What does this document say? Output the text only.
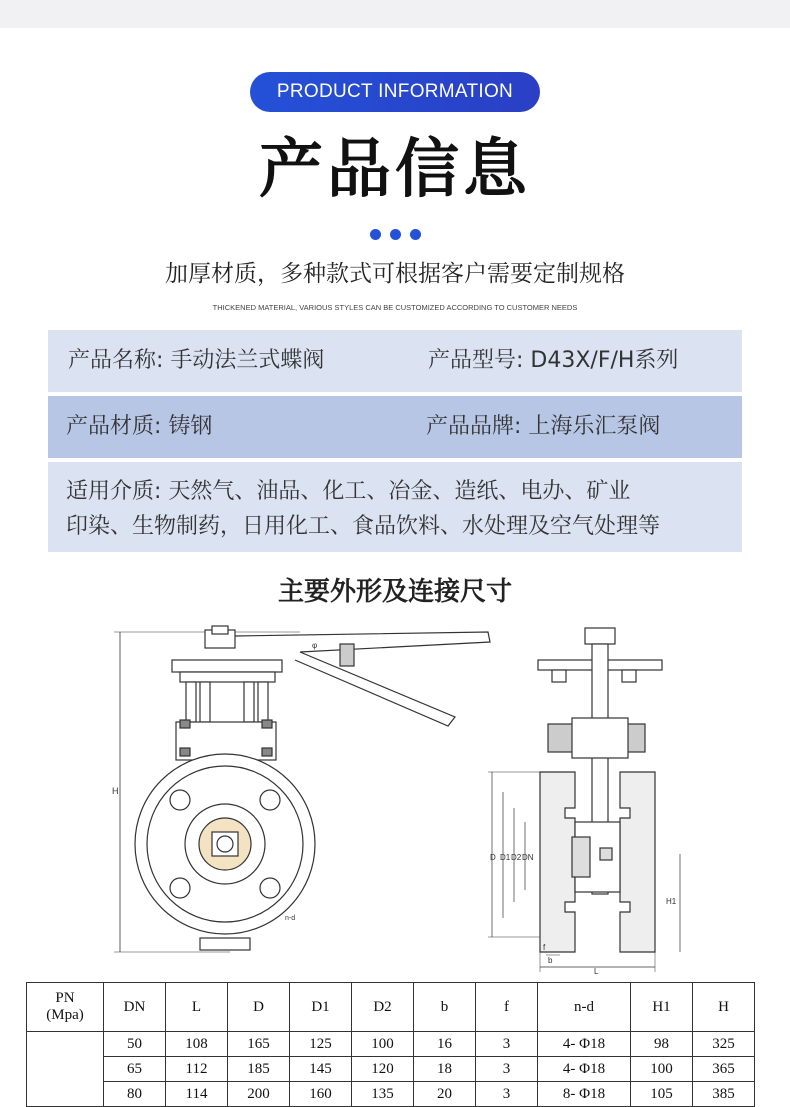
PRODUCT INFORMATION
产品信息
加厚材质，多种款式可根据客户需要定制规格
THICKENED MATERIAL, VARIOUS STYLES CAN BE CUSTOMIZED ACCORDING TO CUSTOMER NEEDS
产品名称: 手动法兰式蝶阀	产品型号: D43X/F/H系列
产品材质: 铸钢	产品品牌: 上海乐汇泵阀
适用介质: 天然气、油品、化工、冶金、造纸、电办、矿业
印染、生物制药，日用化工、食品饮料、水处理及空气处理等
主要外形及连接尺寸
H
n-d
φ
D D1 D2 DN
H1
f
b
L
PN
(Mpa)	DN	L	D	D1	D2	b	f	n-d	H1	H
	50	108	165	125	100	16	3	4- Φ18	98	325
	65	112	185	145	120	18	3	4- Φ18	100	365
	80	114	200	160	135	20	3	8- Φ18	105	385
